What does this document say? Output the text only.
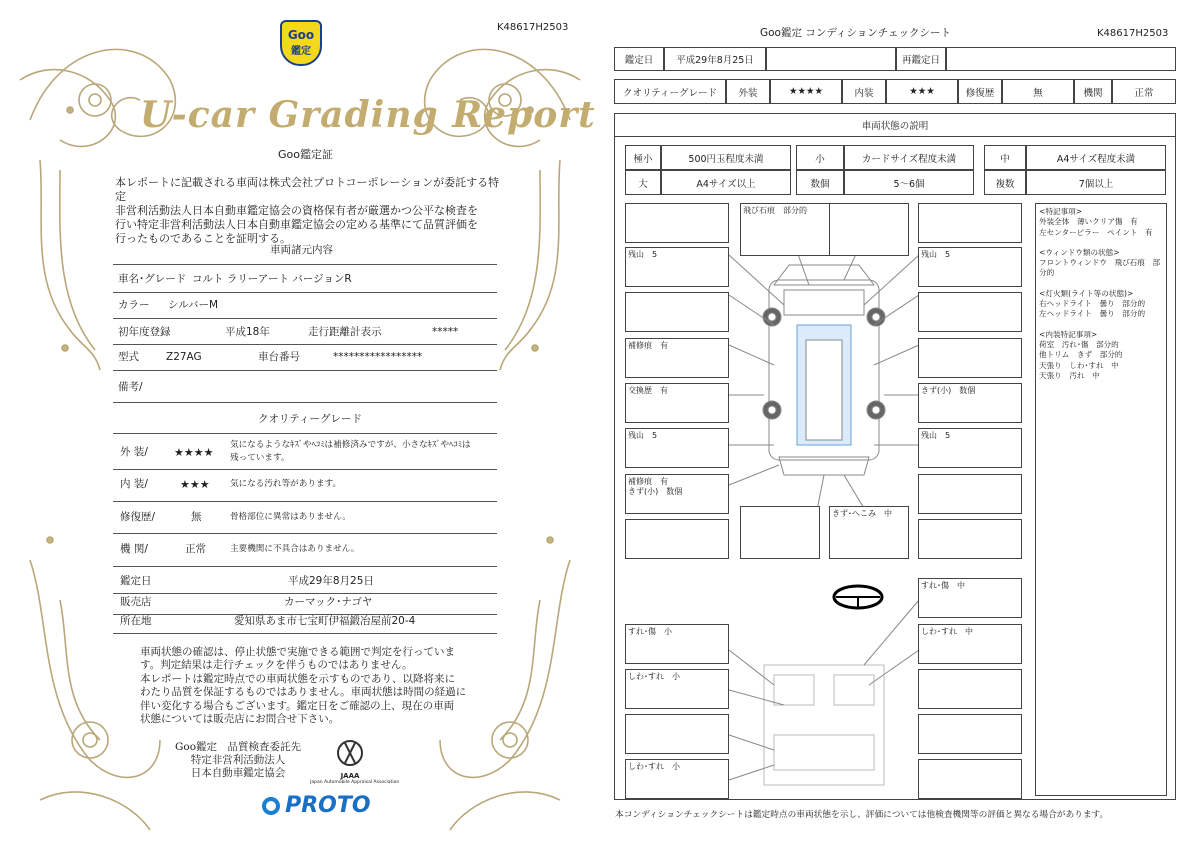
K48617H2503
Goo
鑑定
U-car Grading Report
Goo鑑定証
本レポートに記載される車両は株式会社プロトコーポレーションが委託する特定
非営利活動法人日本自動車鑑定協会の資格保有者が厳選かつ公平な検査を
行い特定非営利活動法人日本自動車鑑定協会の定める基準にて品質評価を
行ったものであることを証明する。
車両諸元内容
車名･グレード コルト ラリーアート バージョンR
カラー シルバーM
初年度登録	平成18年	走行距離計表示	*****
型式	Z27AG	車台番号	*****************
備考/
クオリティーグレード
外 装/ ★★★★
気になるようなｷｽﾞやﾍｺﾐは補修済みですが、小さなｷｽﾞやﾍｺﾐは
残っています。
内 装/	★★★ 気になる汚れ等があります。
修復歴/	無	骨格部位に異常はありません。
機 関/	正常	主要機関に不具合はありません。
鑑定日	平成29年8月25日
販売店	カーマック･ナゴヤ
所在地	愛知県あま市七宝町伊福鍛冶屋前20-4
車両状態の確認は、停止状態で実施できる範囲で判定を行っていま
す。判定結果は走行チェックを伴うものではありません。
本レポートは鑑定時点での車両状態を示すものであり、以降将来に
わたり品質を保証するものではありません。車両状態は時間の経過に
伴い変化する場合もございます。鑑定日をご確認の上、現在の車両
状態については販売店にお問合せ下さい。
Goo鑑定　品質検査委託先
特定非営利活動法人
日本自動車鑑定協会	JAAA
Japan Automobile Appraisal Association
PROTO
Goo鑑定 コンディションチェックシート	K48617H2503
鑑定日	平成29年8月25日	再鑑定日
クオリティーグレード	外装	★★★★	内装	★★★	修復歴	無	機関	正常
車両状態の説明
極小	500円玉程度未満	小	カードサイズ程度未満	中	A4サイズ程度未満
大	A4サイズ以上	数個	5～6個	複数	7個以上
飛び石痕　部分的
残山　5	残山　5
補修痕　有
交換歴　有	きず(小)　数個
残山　5	残山　5
補修痕　有
きず(小)　数個
きず･へこみ　中
すれ･傷　中
すれ･傷　小	しわ･すれ　中
しわ･すれ　小
しわ･すれ　小
<特記事項>
外装全体　薄いクリア傷　有
左センターピラー　ペイント　有
<ウィンドウ類の状態>
フロントウィンドウ　飛び石痕　部
分的
<灯火類(ライト等の状態)>
右ヘッドライト　曇り　部分的
左ヘッドライト　曇り　部分的
<内装特記事項>
荷室　汚れ･傷　部分的
他トリム　きず　部分的
天張り　しわ･すれ　中
天張り　汚れ　中
本コンディションチェックシートは鑑定時点の車両状態を示し、評価については他検査機関等の評価と異なる場合があります。
